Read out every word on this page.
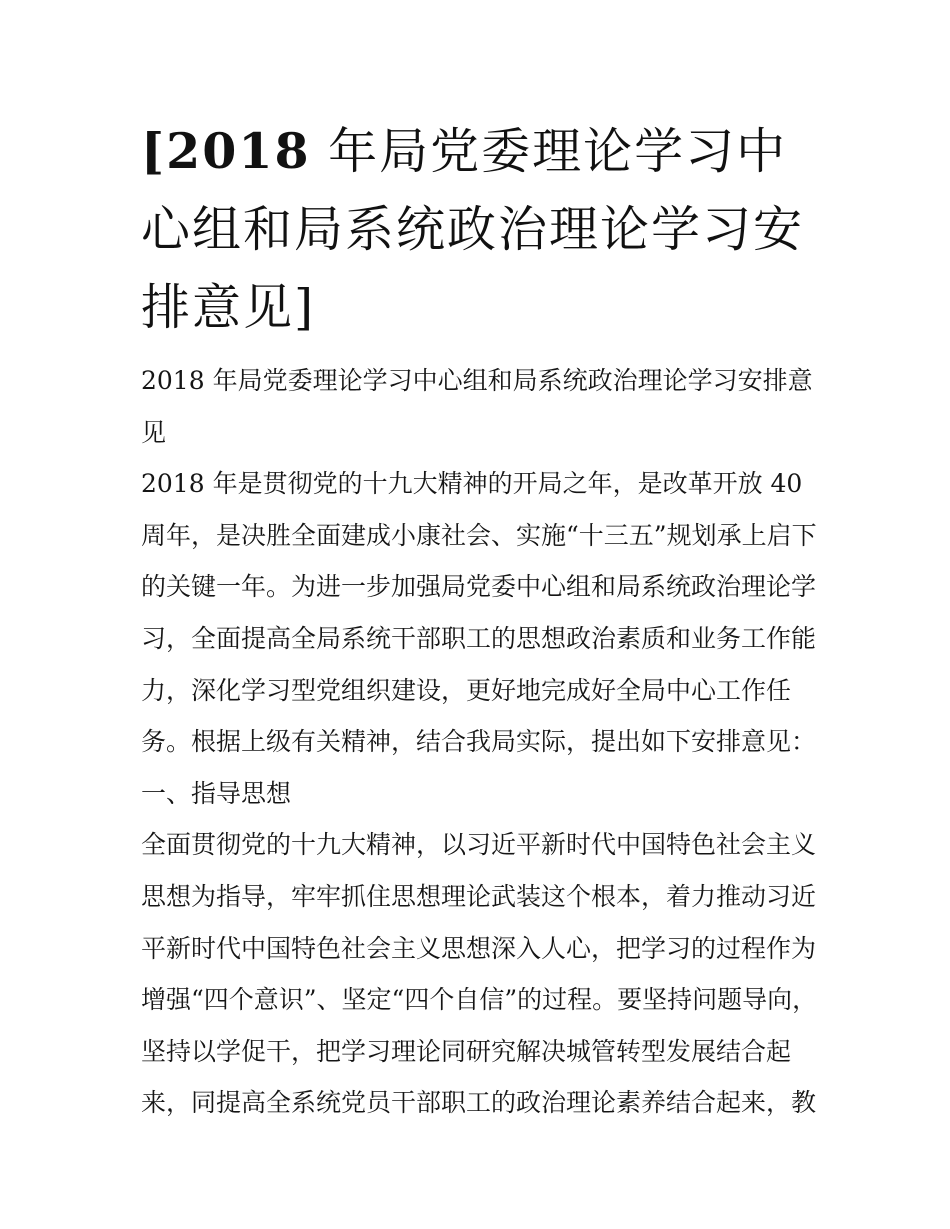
[2018 年局党委理论学习中心组和局系统政治理论学习安排意见]

2018 年局党委理论学习中心组和局系统政治理论学习安排意见

2018 年是贯彻党的十九大精神的开局之年，是改革开放 40 周年，是决胜全面建成小康社会、实施“十三五”规划承上启下的关键一年。为进一步加强局党委中心组和局系统政治理论学习，全面提高全局系统干部职工的思想政治素质和业务工作能力，深化学习型党组织建设，更好地完成好全局中心工作任务。根据上级有关精神，结合我局实际，提出如下安排意见：

一、指导思想

全面贯彻党的十九大精神，以习近平新时代中国特色社会主义思想为指导，牢牢抓住思想理论武装这个根本，着力推动习近平新时代中国特色社会主义思想深入人心，把学习的过程作为增强“四个意识”、坚定“四个自信”的过程。要坚持问题导向，坚持以学促干，把学习理论同研究解决城管转型发展结合起来，同提高全系统党员干部职工的政治理论素养结合起来，教
